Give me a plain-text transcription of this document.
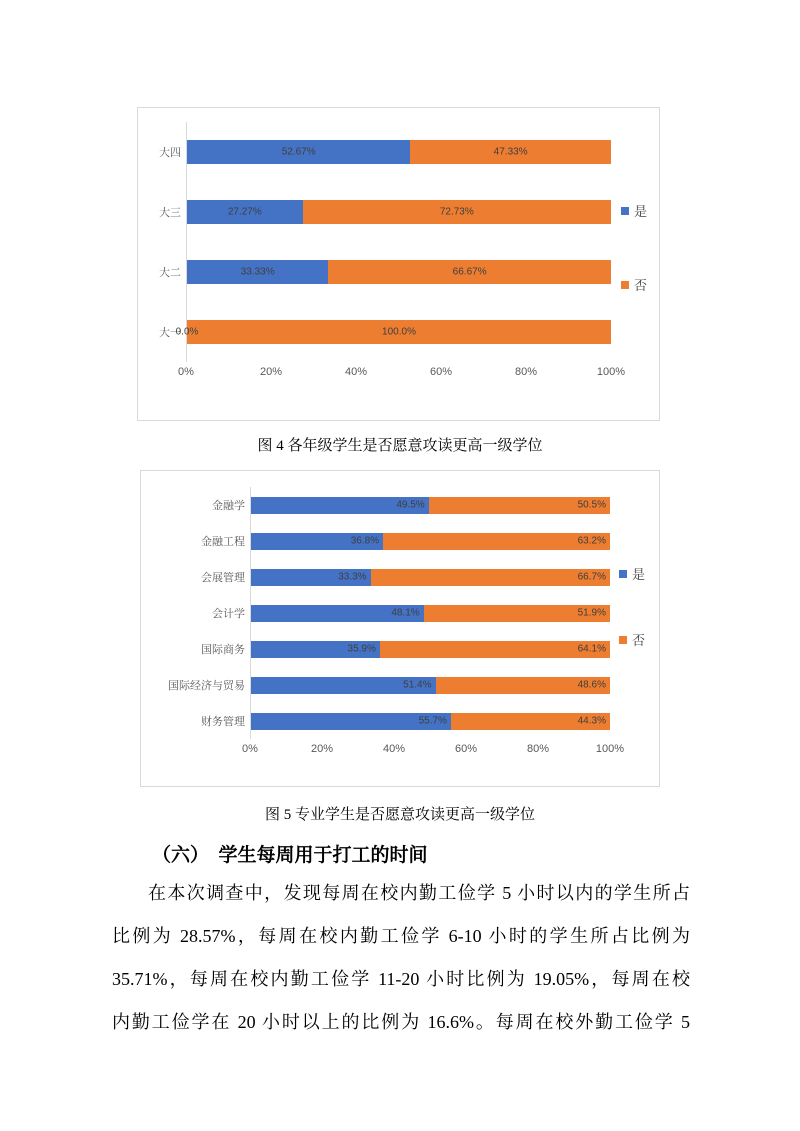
大四	52.67%	47.33%
大三	27.27%	72.73%
大二	33.33%	66.67%
大一
0.0%	100.0%
0%	20%	40%	60%	80%	100%
是
否
图 4 各年级学生是否愿意攻读更高一级学位
金融学	49.5%	50.5%
金融工程	36.8%	63.2%
会展管理	33.3%	66.7%
会计学	48.1%	51.9%
国际商务	35.9%	64.1%
国际经济与贸易	51.4%	48.6%
财务管理	55.7%	44.3%
0%	20%	40%	60%	80%	100%
是
否
图 5 专业学生是否愿意攻读更高一级学位
（六）　学生每周用于打工的时间
在本次调查中，发现每周在校内勤工俭学 5 小时以内的学生所占
比例为 28.57%，每周在校内勤工俭学 6-10 小时的学生所占比例为
35.71%，每周在校内勤工俭学 11-20 小时比例为 19.05%，每周在校
内勤工俭学在 20 小时以上的比例为 16.6%。每周在校外勤工俭学 5
